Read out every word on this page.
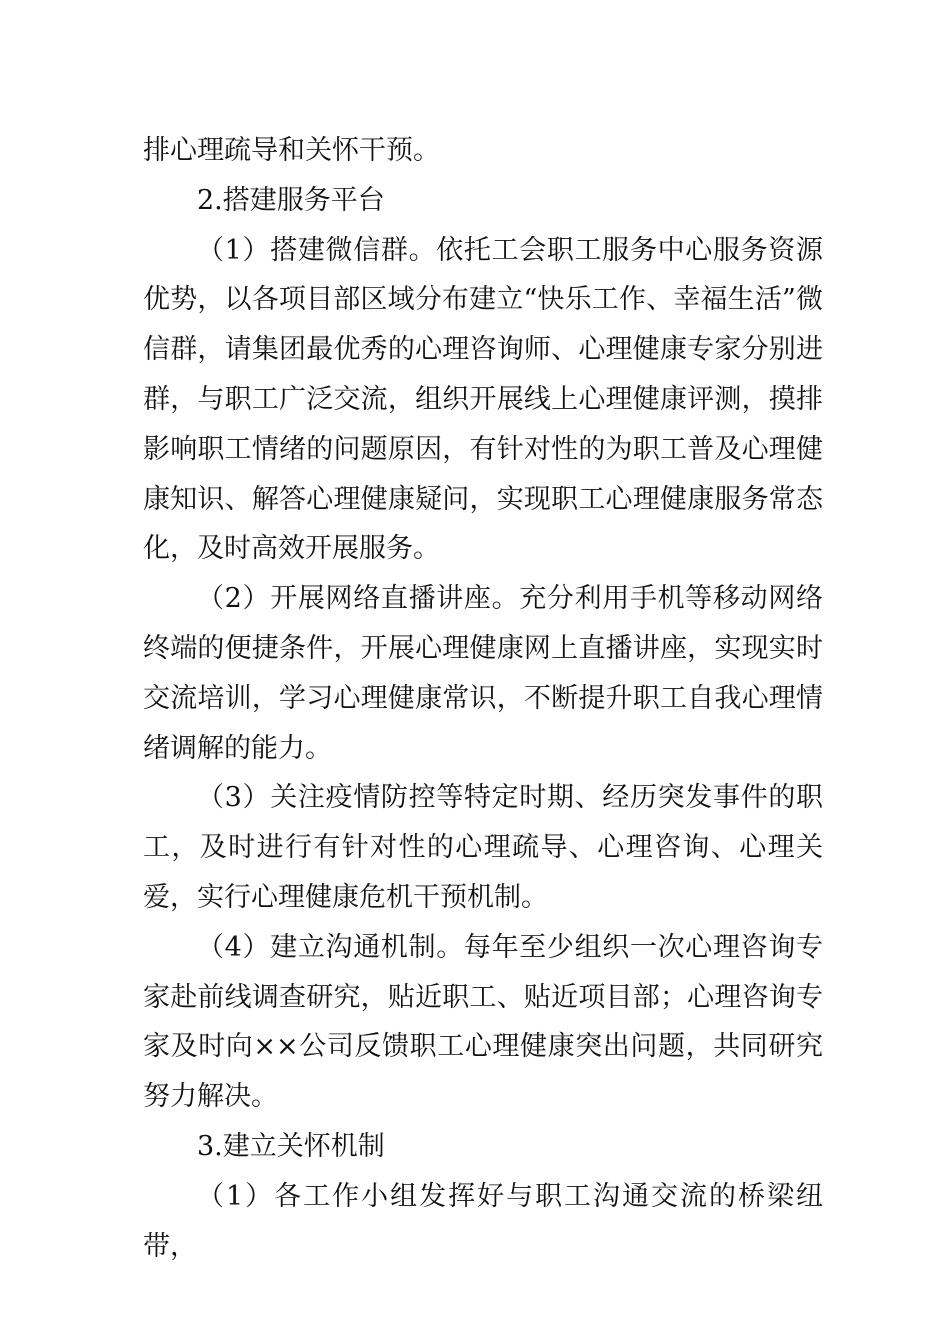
排心理疏导和关怀干预。

2.搭建服务平台

（1）搭建微信群。依托工会职工服务中心服务资源优势，以各项目部区域分布建立“快乐工作、幸福生活”微信群，请集团最优秀的心理咨询师、心理健康专家分别进群，与职工广泛交流，组织开展线上心理健康评测，摸排影响职工情绪的问题原因，有针对性的为职工普及心理健康知识、解答心理健康疑问，实现职工心理健康服务常态化，及时高效开展服务。

（2）开展网络直播讲座。充分利用手机等移动网络终端的便捷条件，开展心理健康网上直播讲座，实现实时交流培训，学习心理健康常识，不断提升职工自我心理情绪调解的能力。

（3）关注疫情防控等特定时期、经历突发事件的职工，及时进行有针对性的心理疏导、心理咨询、心理关爱，实行心理健康危机干预机制。

（4）建立沟通机制。每年至少组织一次心理咨询专家赴前线调查研究，贴近职工、贴近项目部；心理咨询专家及时向××公司反馈职工心理健康突出问题，共同研究努力解决。

3.建立关怀机制

（1）各工作小组发挥好与职工沟通交流的桥梁纽带，
